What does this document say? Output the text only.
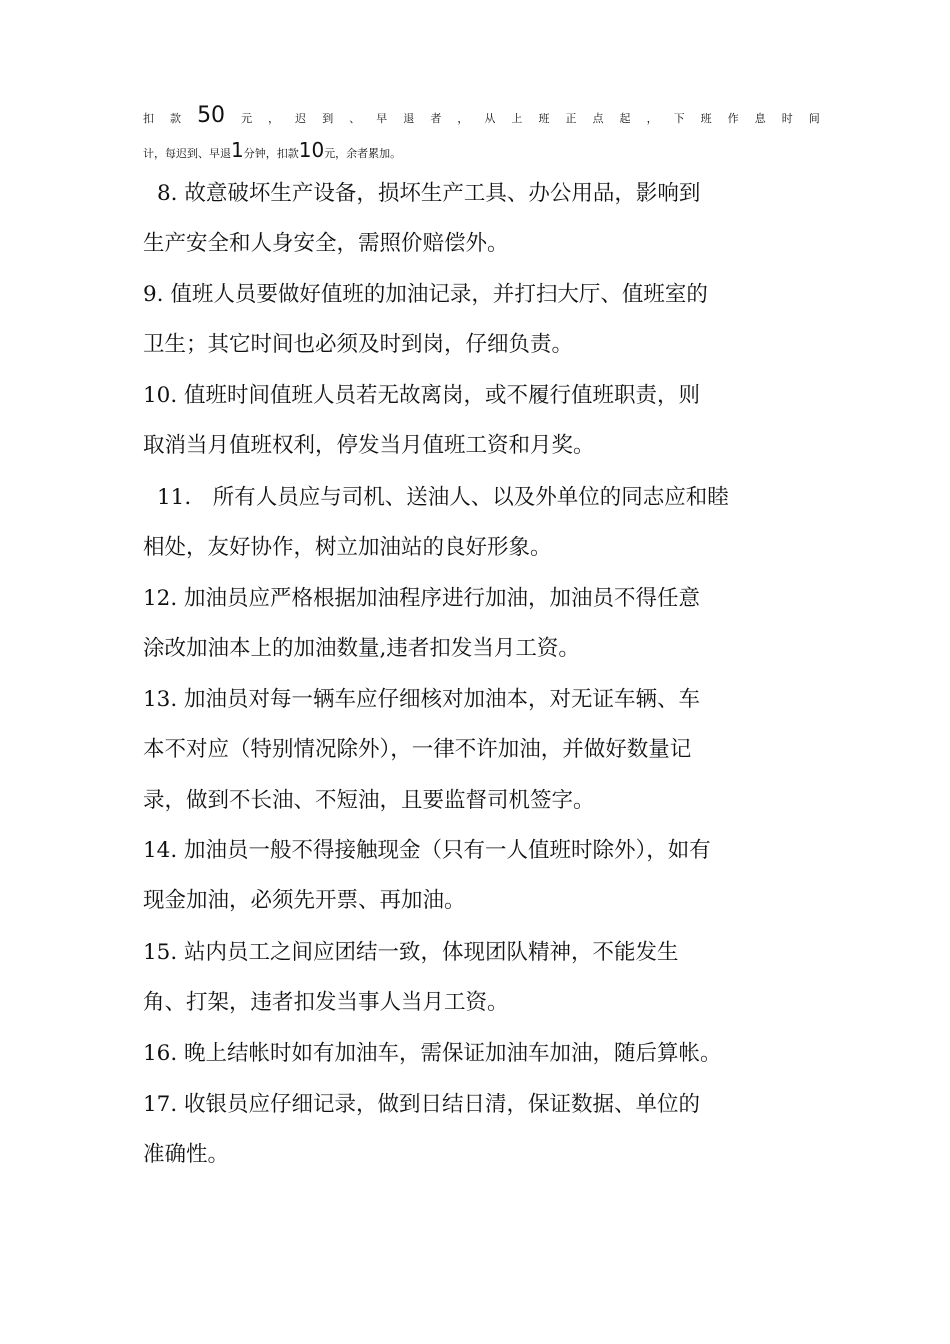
扣 款 50 元 ， 迟 到 、 早 退 者 ， 从 上 班 正 点 起 ， 下 班 作 息 时 间
计，每迟到、早退1分钟，扣款10元，余者累加。
8. 故意破坏生产设备，损坏生产工具、办公用品，影响到
生产安全和人身安全，需照价赔偿外。
9. 值班人员要做好值班的加油记录，并打扫大厅、值班室的
卫生；其它时间也必须及时到岗，仔细负责。
10. 值班时间值班人员若无故离岗，或不履行值班职责，则
取消当月值班权利，停发当月值班工资和月奖。
11.　所有人员应与司机、送油人、以及外单位的同志应和睦
相处，友好协作，树立加油站的良好形象。
12. 加油员应严格根据加油程序进行加油，加油员不得任意
涂改加油本上的加油数量,违者扣发当月工资。
13. 加油员对每一辆车应仔细核对加油本，对无证车辆、车
本不对应（特别情况除外），一律不许加油，并做好数量记
录，做到不长油、不短油，且要监督司机签字。
14. 加油员一般不得接触现金（只有一人值班时除外），如有
现金加油，必须先开票、再加油。
15. 站内员工之间应团结一致，体现团队精神，不能发生
角、打架，违者扣发当事人当月工资。
16. 晚上结帐时如有加油车，需保证加油车加油，随后算帐。
17. 收银员应仔细记录，做到日结日清，保证数据、单位的
准确性。
